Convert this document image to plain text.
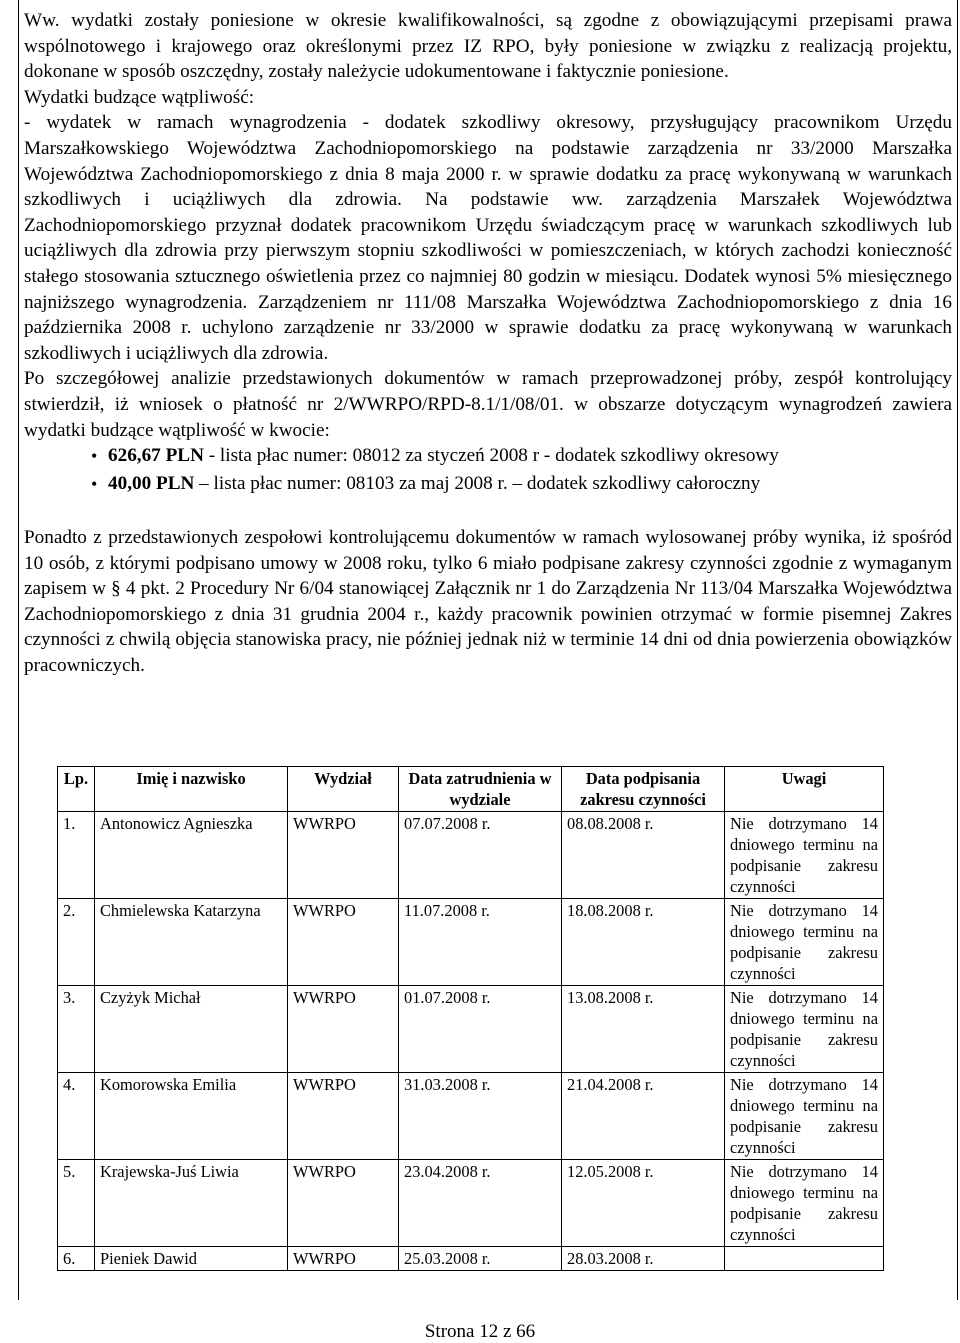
Ww. wydatki zostały poniesione w okresie kwalifikowalności, są zgodne z obowiązującymi przepisami prawa wspólnotowego i krajowego oraz określonymi przez IZ RPO, były poniesione w związku z realizacją projektu, dokonane w sposób oszczędny, zostały należycie udokumentowane i faktycznie poniesione.

Wydatki budzące wątpliwość:

- wydatek w ramach wynagrodzenia - dodatek szkodliwy okresowy, przysługujący pracownikom Urzędu Marszałkowskiego Województwa Zachodniopomorskiego na podstawie zarządzenia nr 33/2000 Marszałka Województwa Zachodniopomorskiego z dnia 8 maja 2000 r. w sprawie dodatku za pracę wykonywaną w warunkach szkodliwych i uciążliwych dla zdrowia. Na podstawie ww. zarządzenia Marszałek Województwa Zachodniopomorskiego przyznał dodatek pracownikom Urzędu świadczącym pracę w warunkach szkodliwych lub uciążliwych dla zdrowia przy pierwszym stopniu szkodliwości w pomieszczeniach, w których zachodzi konieczność stałego stosowania sztucznego oświetlenia przez co najmniej 80 godzin w miesiącu. Dodatek wynosi 5% miesięcznego najniższego wynagrodzenia. Zarządzeniem nr 111/08 Marszałka Województwa Zachodniopomorskiego z dnia 16 października 2008 r. uchylono zarządzenie nr 33/2000 w sprawie dodatku za pracę wykonywaną w warunkach szkodliwych i uciążliwych dla zdrowia.

Po szczegółowej analizie przedstawionych dokumentów w ramach przeprowadzonej próby, zespół kontrolujący stwierdził, iż wniosek o płatność nr 2/WWRPO/RPD-8.1/1/08/01. w obszarze dotyczącym wynagrodzeń zawiera wydatki budzące wątpliwość w kwocie:

• 626,67 PLN - lista płac numer: 08012 za styczeń 2008 r - dodatek szkodliwy okresowy
• 40,00 PLN – lista płac numer: 08103 za maj 2008 r. – dodatek szkodliwy całoroczny

Ponadto z przedstawionych zespołowi kontrolującemu dokumentów w ramach wylosowanej próby wynika, iż spośród 10 osób, z którymi podpisano umowy w 2008 roku, tylko 6 miało podpisane zakresy czynności zgodnie z wymaganym zapisem w § 4 pkt. 2 Procedury Nr 6/04 stanowiącej Załącznik nr 1 do Zarządzenia Nr 113/04 Marszałka Województwa Zachodniopomorskiego z dnia 31 grudnia 2004 r., każdy pracownik powinien otrzymać w formie pisemnej Zakres czynności z chwilą objęcia stanowiska pracy, nie później jednak niż w terminie 14 dni od dnia powierzenia obowiązków pracowniczych.

Lp.	Imię i nazwisko	Wydział	Data zatrudnienia w wydziale	Data podpisania zakresu czynności	Uwagi
1.	Antonowicz Agnieszka	WWRPO	07.07.2008 r.	08.08.2008 r.	Nie dotrzymano 14 dniowego terminu na podpisanie zakresu czynności
2.	Chmielewska Katarzyna	WWRPO	11.07.2008 r.	18.08.2008 r.	Nie dotrzymano 14 dniowego terminu na podpisanie zakresu czynności
3.	Czyżyk Michał	WWRPO	01.07.2008 r.	13.08.2008 r.	Nie dotrzymano 14 dniowego terminu na podpisanie zakresu czynności
4.	Komorowska Emilia	WWRPO	31.03.2008 r.	21.04.2008 r.	Nie dotrzymano 14 dniowego terminu na podpisanie zakresu czynności
5.	Krajewska-Juś Liwia	WWRPO	23.04.2008 r.	12.05.2008 r.	Nie dotrzymano 14 dniowego terminu na podpisanie zakresu czynności
6.	Pieniek Dawid	WWRPO	25.03.2008 r.	28.03.2008 r.	
Strona 12 z 66
